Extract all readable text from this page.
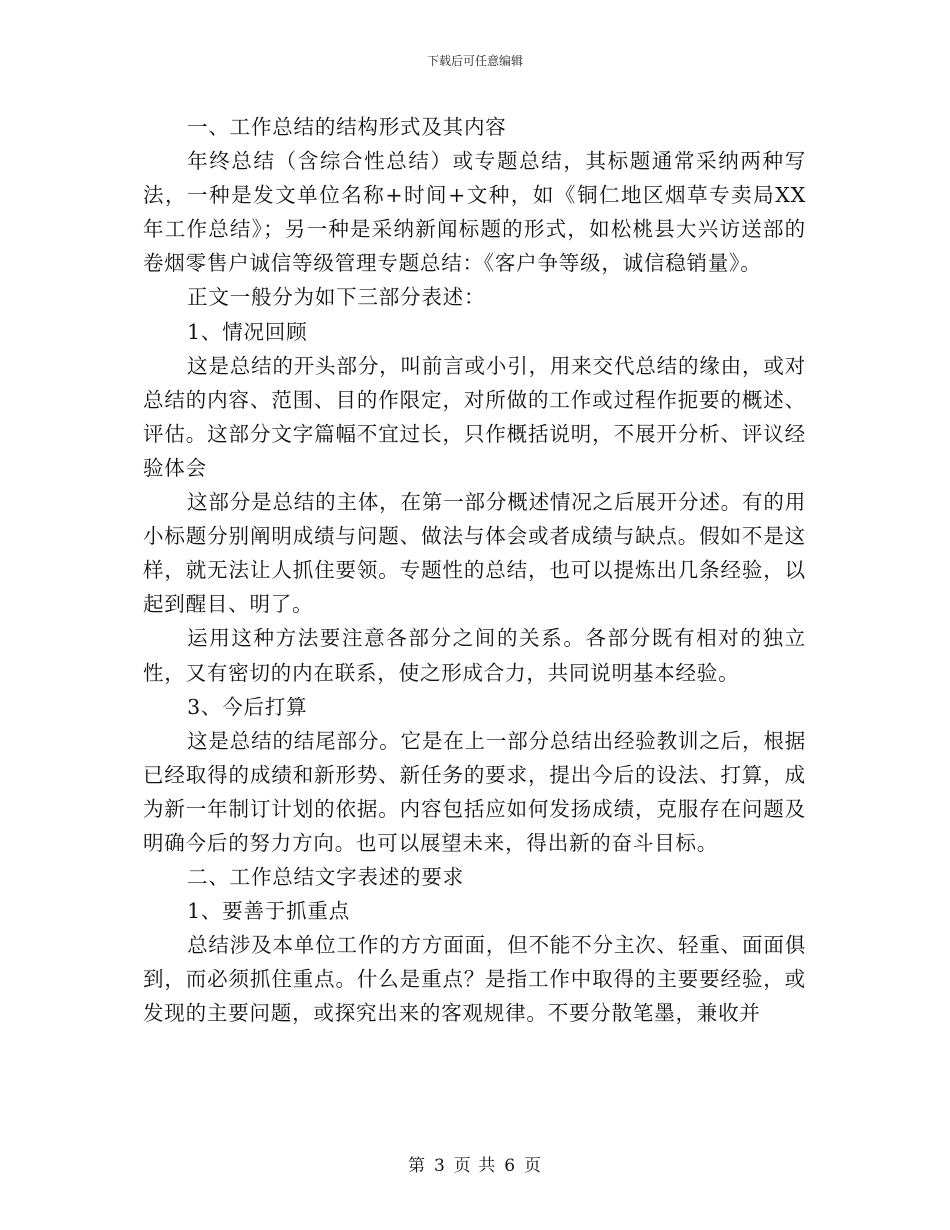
下载后可任意编辑

一、工作总结的结构形式及其内容

年终总结（含综合性总结）或专题总结，其标题通常采纳两种写法，一种是发文单位名称+时间+文种，如《铜仁地区烟草专卖局XX年工作总结》；另一种是采纳新闻标题的形式，如松桃县大兴访送部的卷烟零售户诚信等级管理专题总结：《客户争等级，诚信稳销量》。

正文一般分为如下三部分表述：

1、情况回顾

这是总结的开头部分，叫前言或小引，用来交代总结的缘由，或对总结的内容、范围、目的作限定，对所做的工作或过程作扼要的概述、评估。这部分文字篇幅不宜过长，只作概括说明，不展开分析、评议经验体会

这部分是总结的主体，在第一部分概述情况之后展开分述。有的用小标题分别阐明成绩与问题、做法与体会或者成绩与缺点。假如不是这样，就无法让人抓住要领。专题性的总结，也可以提炼出几条经验，以起到醒目、明了。

运用这种方法要注意各部分之间的关系。各部分既有相对的独立性，又有密切的内在联系，使之形成合力，共同说明基本经验。

3、今后打算

这是总结的结尾部分。它是在上一部分总结出经验教训之后，根据已经取得的成绩和新形势、新任务的要求，提出今后的设法、打算，成为新一年制订计划的依据。内容包括应如何发扬成绩，克服存在问题及明确今后的努力方向。也可以展望未来，得出新的奋斗目标。

二、工作总结文字表述的要求

1、要善于抓重点

总结涉及本单位工作的方方面面，但不能不分主次、轻重、面面俱到，而必须抓住重点。什么是重点？是指工作中取得的主要要经验，或发现的主要问题，或探究出来的客观规律。不要分散笔墨，兼收并

第 3 页 共 6 页
